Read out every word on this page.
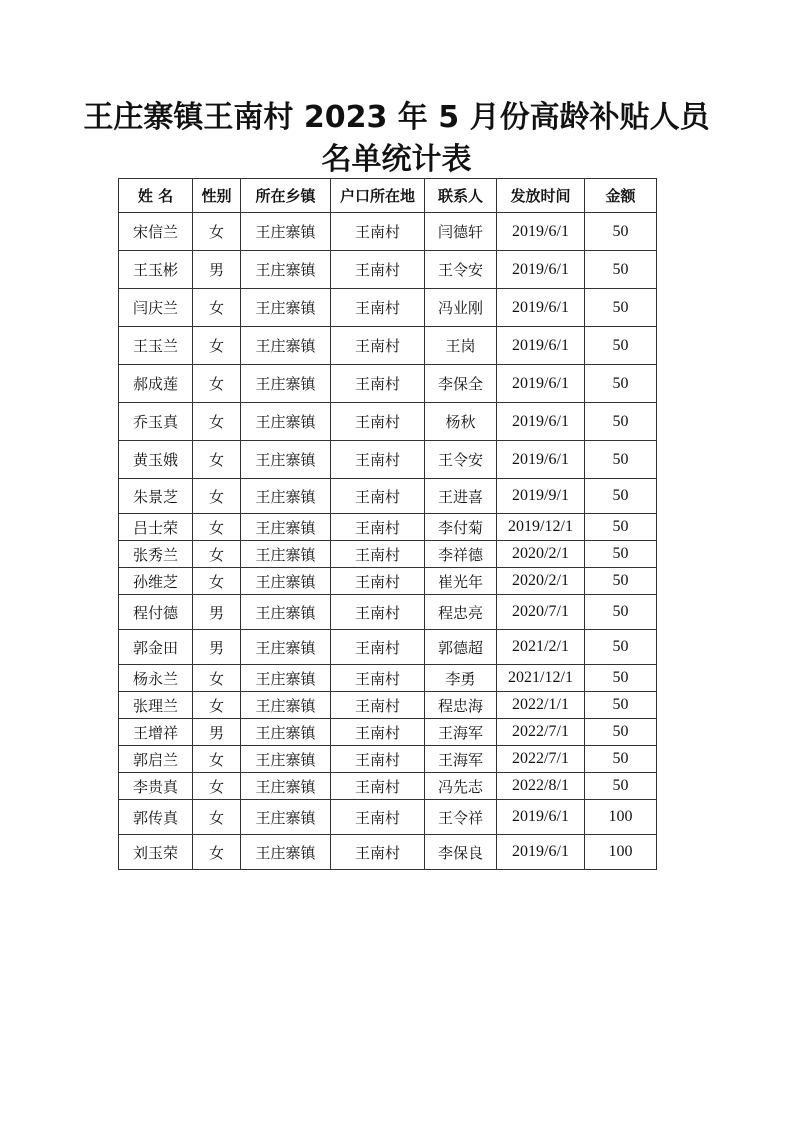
王庄寨镇王南村 2023 年 5 月份高龄补贴人员
名单统计表
姓 名	性别	所在乡镇	户口所在地	联系人	发放时间	金额
宋信兰	女	王庄寨镇	王南村	闫德轩	2019/6/1	50
王玉彬	男	王庄寨镇	王南村	王令安	2019/6/1	50
闫庆兰	女	王庄寨镇	王南村	冯业刚	2019/6/1	50
王玉兰	女	王庄寨镇	王南村	王岗	2019/6/1	50
郝成莲	女	王庄寨镇	王南村	李保全	2019/6/1	50
乔玉真	女	王庄寨镇	王南村	杨秋	2019/6/1	50
黄玉娥	女	王庄寨镇	王南村	王令安	2019/6/1	50
朱景芝	女	王庄寨镇	王南村	王进喜	2019/9/1	50
吕士荣	女	王庄寨镇	王南村	李付菊	2019/12/1	50
张秀兰	女	王庄寨镇	王南村	李祥德	2020/2/1	50
孙维芝	女	王庄寨镇	王南村	崔光年	2020/2/1	50
程付德	男	王庄寨镇	王南村	程忠亮	2020/7/1	50
郭金田	男	王庄寨镇	王南村	郭德超	2021/2/1	50
杨永兰	女	王庄寨镇	王南村	李勇	2021/12/1	50
张理兰	女	王庄寨镇	王南村	程忠海	2022/1/1	50
王增祥	男	王庄寨镇	王南村	王海军	2022/7/1	50
郭启兰	女	王庄寨镇	王南村	王海军	2022/7/1	50
李贵真	女	王庄寨镇	王南村	冯先志	2022/8/1	50
郭传真	女	王庄寨镇	王南村	王令祥	2019/6/1	100
刘玉荣	女	王庄寨镇	王南村	李保良	2019/6/1	100
